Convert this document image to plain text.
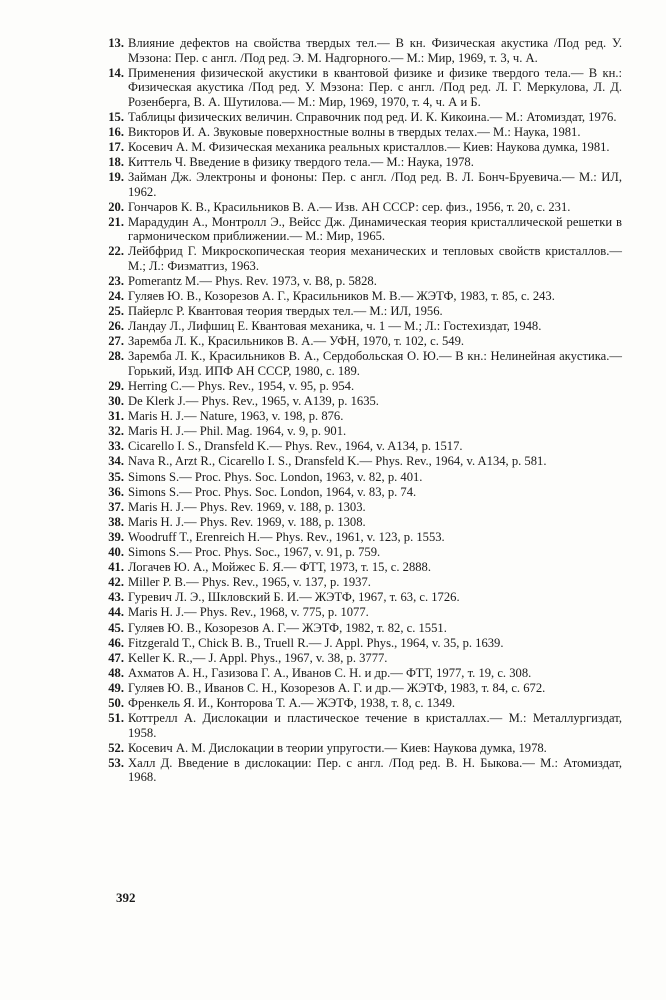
13. Влияние дефектов на свойства твердых тел.— В кн. Физическая акустика /Под ред. У. Мэзона: Пер. с англ. /Под ред. Э. М. Надгорного.— М.: Мир, 1969, т. 3, ч. А.
14. Применения физической акустики в квантовой физике и физике твердого тела.— В кн.: Физическая акустика /Под ред. У. Мэзона: Пер. с англ. /Под ред. Л. Г. Меркулова, Л. Д. Розенберга, В. А. Шутилова.— М.: Мир, 1969, 1970, т. 4, ч. А и Б.
15. Таблицы физических величин. Справочник под ред. И. К. Кикоина.— М.: Атомиздат, 1976.
16. Викторов И. А. Звуковые поверхностные волны в твердых телах.— М.: Наука, 1981.
17. Косевич А. М. Физическая механика реальных кристаллов.— Киев: Наукова думка, 1981.
18. Киттель Ч. Введение в физику твердого тела.— М.: Наука, 1978.
19. Займан Дж. Электроны и фононы: Пер. с англ. /Под ред. В. Л. Бонч-Бруевича.— М.: ИЛ, 1962.
20. Гончаров К. В., Красильников В. А.— Изв. АН СССР: сер. физ., 1956, т. 20, с. 231.
21. Марадудин А., Монтролл Э., Вейсс Дж. Динамическая теория кристаллической решетки в гармоническом приближении.— М.: Мир, 1965.
22. Лейбфрид Г. Микроскопическая теория механических и тепловых свойств кристаллов.— М.; Л.: Физматгиз, 1963.
23. Pomerantz M.— Phys. Rev. 1973, v. B8, p. 5828.
24. Гуляев Ю. В., Козорезов А. Г., Красильников М. В.— ЖЭТФ, 1983, т. 85, с. 243.
25. Пайерлс Р. Квантовая теория твердых тел.— М.: ИЛ, 1956.
26. Ландау Л., Лифшиц Е. Квантовая механика, ч. 1 — М.; Л.: Гостехиздат, 1948.
27. Заремба Л. К., Красильников В. А.— УФН, 1970, т. 102, с. 549.
28. Заремба Л. К., Красильников В. А., Сердобольская О. Ю.— В кн.: Нелинейная акустика.— Горький, Изд. ИПФ АН СССР, 1980, с. 189.
29. Herring C.— Phys. Rev., 1954, v. 95, p. 954.
30. De Klerk J.— Phys. Rev., 1965, v. A139, p. 1635.
31. Maris H. J.— Nature, 1963, v. 198, p. 876.
32. Maris H. J.— Phil. Mag. 1964, v. 9, p. 901.
33. Cicarello I. S., Dransfeld K.— Phys. Rev., 1964, v. A134, p. 1517.
34. Nava R., Arzt R., Cicarello I. S., Dransfeld K.— Phys. Rev., 1964, v. A134, p. 581.
35. Simons S.— Proc. Phys. Soc. London, 1963, v. 82, p. 401.
36. Simons S.— Proc. Phys. Soc. London, 1964, v. 83, p. 74.
37. Maris H. J.— Phys. Rev. 1969, v. 188, p. 1303.
38. Maris H. J.— Phys. Rev. 1969, v. 188, p. 1308.
39. Woodruff T., Erenreich H.— Phys. Rev., 1961, v. 123, p. 1553.
40. Simons S.— Proc. Phys. Soc., 1967, v. 91, p. 759.
41. Логачев Ю. А., Мойжес Б. Я.— ФТТ, 1973, т. 15, с. 2888.
42. Miller P. B.— Phys. Rev., 1965, v. 137, p. 1937.
43. Гуревич Л. Э., Шкловский Б. И.— ЖЭТФ, 1967, т. 63, с. 1726.
44. Maris H. J.— Phys. Rev., 1968, v. 775, p. 1077.
45. Гуляев Ю. В., Козорезов А. Г.— ЖЭТФ, 1982, т. 82, с. 1551.
46. Fitzgerald T., Chick B. B., Truell R.— J. Appl. Phys., 1964, v. 35, p. 1639.
47. Keller K. R.,— J. Appl. Phys., 1967, v. 38, p. 3777.
48. Ахматов А. Н., Газизова Г. А., Иванов С. Н. и др.— ФТТ, 1977, т. 19, с. 308.
49. Гуляев Ю. В., Иванов С. Н., Козорезов А. Г. и др.— ЖЭТФ, 1983, т. 84, с. 672.
50. Френкель Я. И., Конторова Т. А.— ЖЭТФ, 1938, т. 8, с. 1349.
51. Коттрелл А. Дислокации и пластическое течение в кристаллах.— М.: Металлургиздат, 1958.
52. Косевич А. М. Дислокации в теории упругости.— Киев: Наукова думка, 1978.
53. Халл Д. Введение в дислокации: Пер. с англ. /Под ред. В. Н. Быкова.— М.: Атомиздат, 1968.
392
